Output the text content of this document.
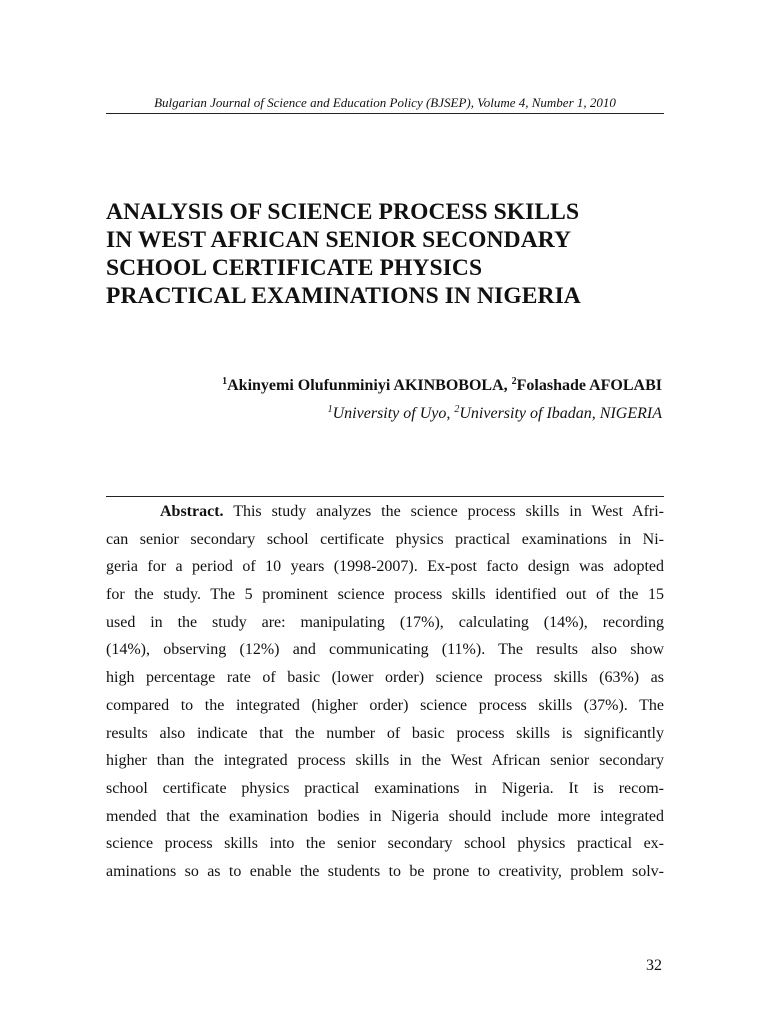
Bulgarian Journal of Science and Education Policy (BJSEP), Volume 4, Number 1, 2010
ANALYSIS OF SCIENCE PROCESS SKILLS
IN WEST AFRICAN SENIOR SECONDARY
SCHOOL CERTIFICATE PHYSICS
PRACTICAL EXAMINATIONS IN NIGERIA
$^1$Akinyemi Olufunminiyi AKINBOBOLA, $^2$Folashade AFOLABI
$^1$University of Uyo, $^2$University of Ibadan, NIGERIA
Abstract. This study analyzes the science process skills in West Afri-
can senior secondary school certificate physics practical examinations in Ni-
geria for a period of 10 years (1998-2007). Ex-post facto design was adopted
for the study. The 5 prominent science process skills identified out of the 15
used in the study are: manipulating (17%), calculating (14%), recording
(14%), observing (12%) and communicating (11%). The results also show
high percentage rate of basic (lower order) science process skills (63%) as
compared to the integrated (higher order) science process skills (37%). The
results also indicate that the number of basic process skills is significantly
higher than the integrated process skills in the West African senior secondary
school certificate physics practical examinations in Nigeria. It is recom-
mended that the examination bodies in Nigeria should include more integrated
science process skills into the senior secondary school physics practical ex-
aminations so as to enable the students to be prone to creativity, problem solv-
32
